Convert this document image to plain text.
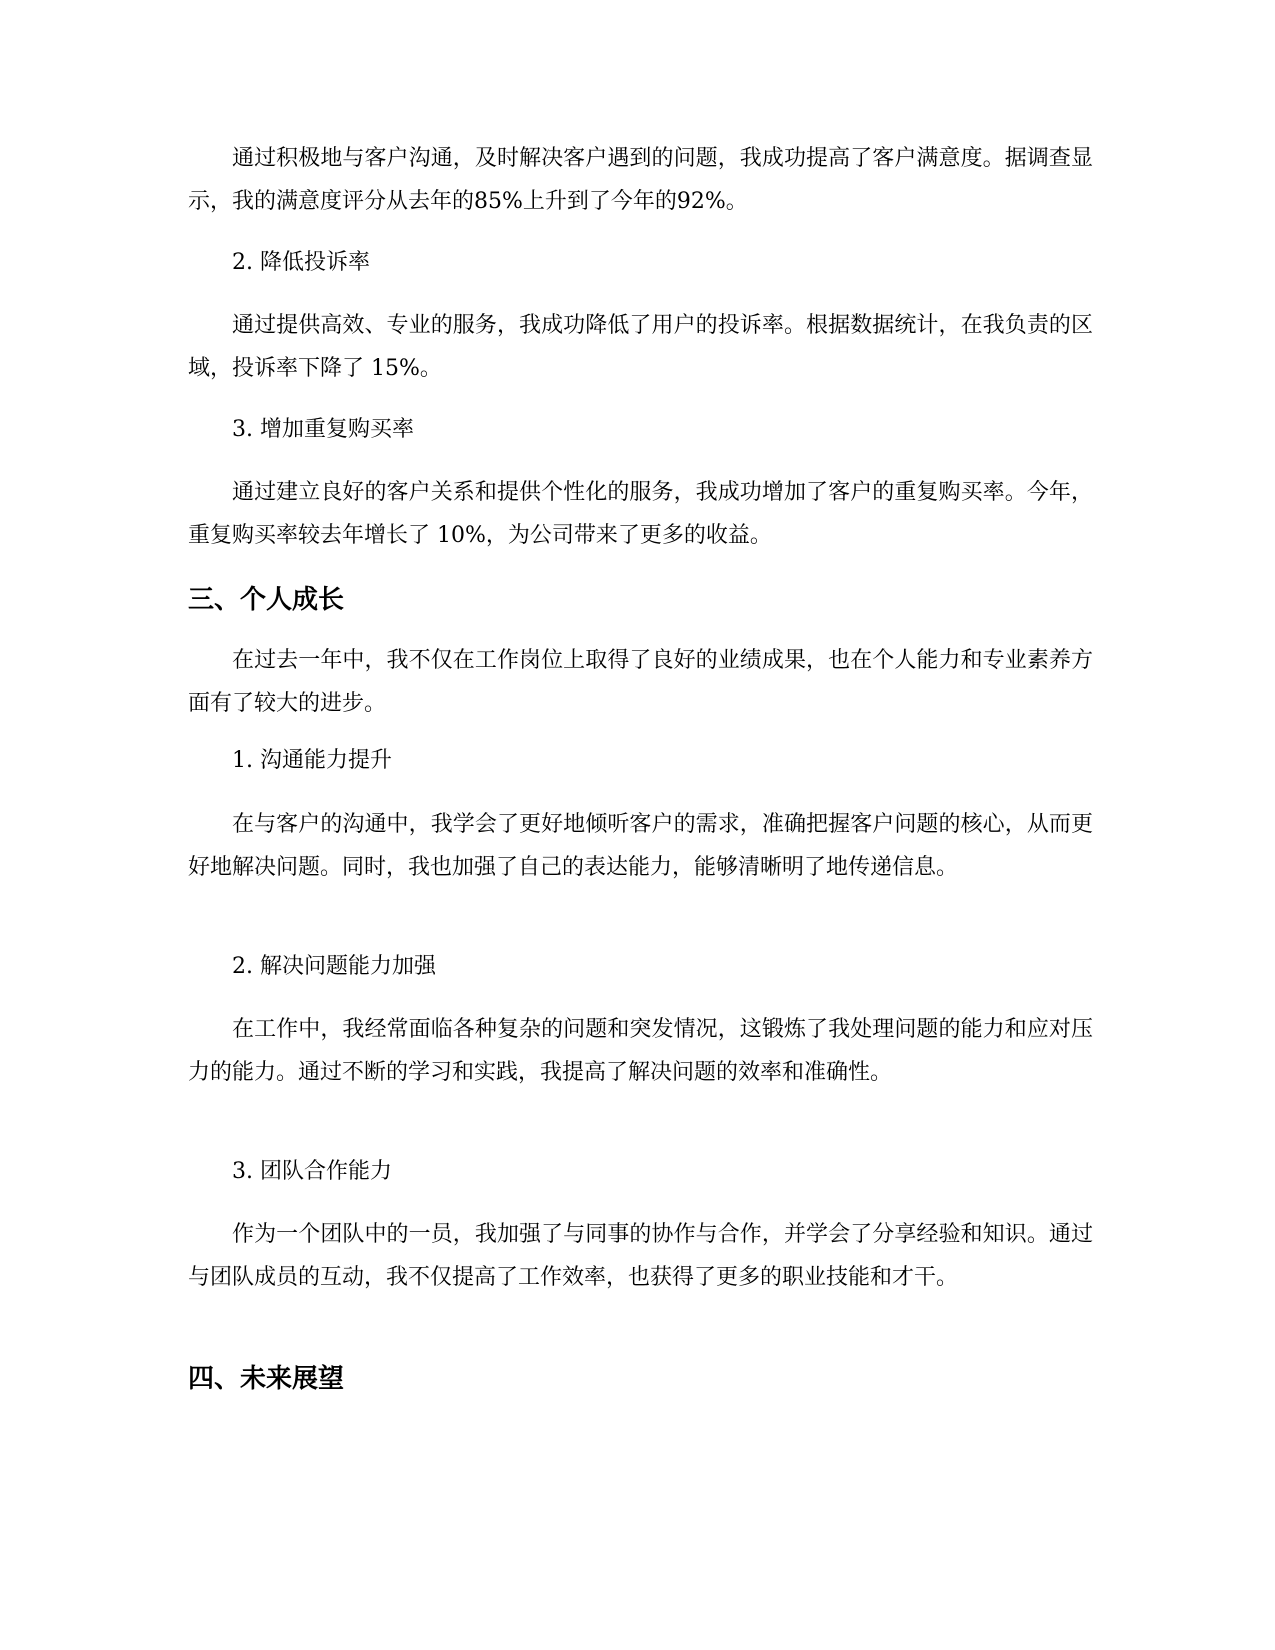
通过积极地与客户沟通，及时解决客户遇到的问题，我成功提高了客户满意度。据调查显示，我的满意度评分从去年的85%上升到了今年的92%。

2. 降低投诉率

通过提供高效、专业的服务，我成功降低了用户的投诉率。根据数据统计，在我负责的区域，投诉率下降了 15%。

3. 增加重复购买率

通过建立良好的客户关系和提供个性化的服务，我成功增加了客户的重复购买率。今年，重复购买率较去年增长了 10%，为公司带来了更多的收益。

三、个人成长

在过去一年中，我不仅在工作岗位上取得了良好的业绩成果，也在个人能力和专业素养方面有了较大的进步。

1. 沟通能力提升

在与客户的沟通中，我学会了更好地倾听客户的需求，准确把握客户问题的核心，从而更好地解决问题。同时，我也加强了自己的表达能力，能够清晰明了地传递信息。

2. 解决问题能力加强

在工作中，我经常面临各种复杂的问题和突发情况，这锻炼了我处理问题的能力和应对压力的能力。通过不断的学习和实践，我提高了解决问题的效率和准确性。

3. 团队合作能力

作为一个团队中的一员，我加强了与同事的协作与合作，并学会了分享经验和知识。通过与团队成员的互动，我不仅提高了工作效率，也获得了更多的职业技能和才干。

四、未来展望
